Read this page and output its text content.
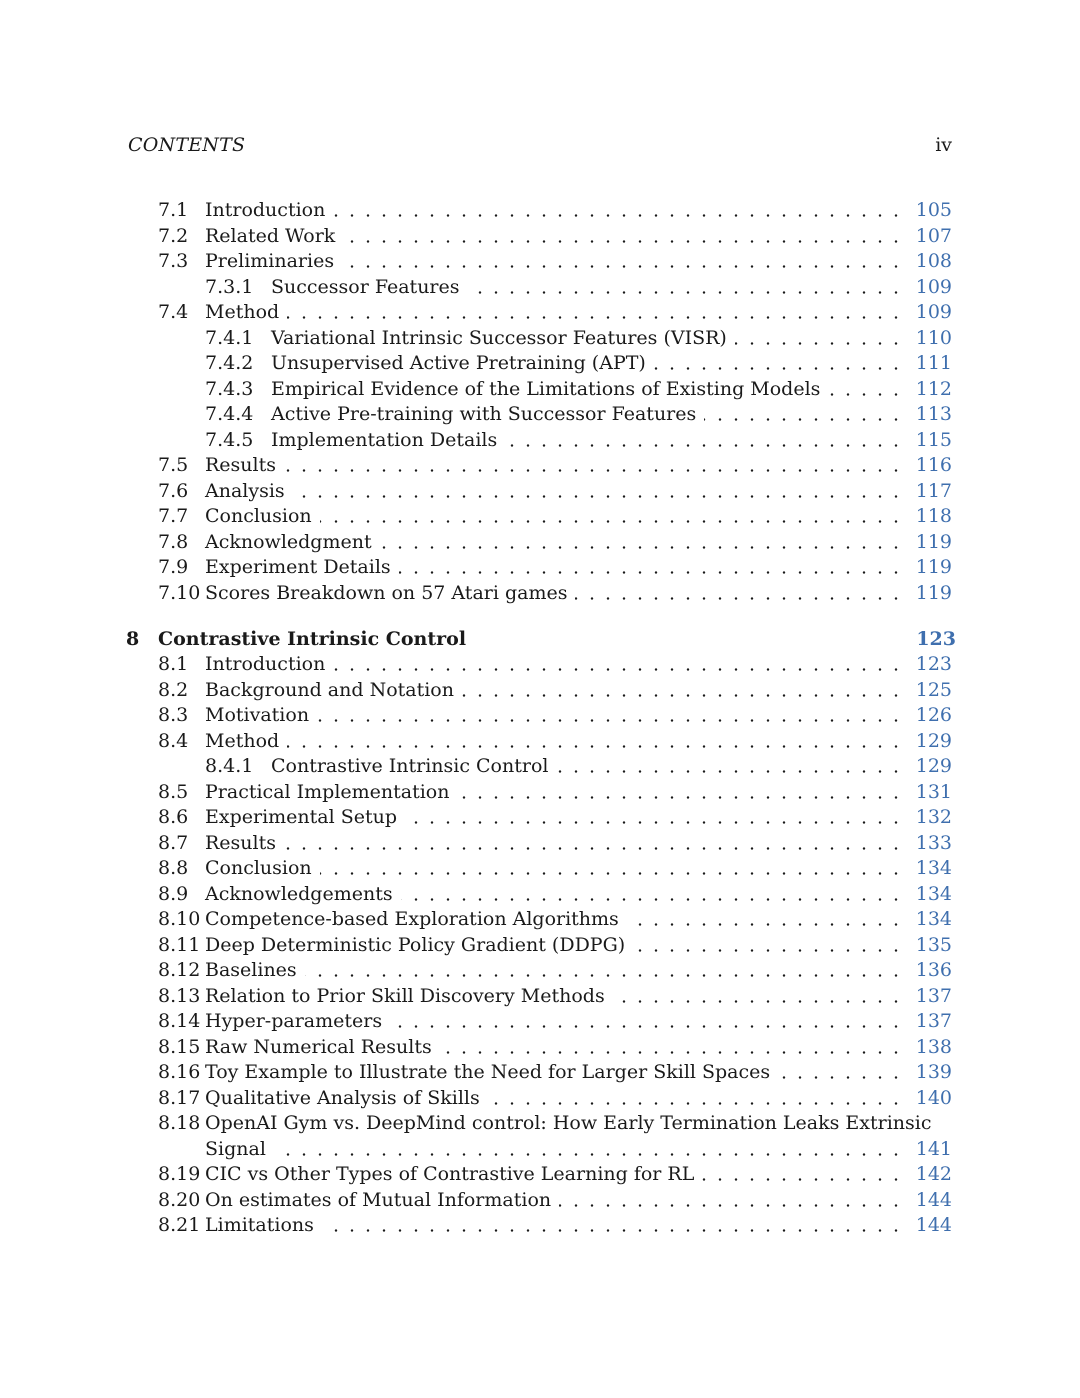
CONTENTS	iv
7.1 Introduction	105
7.2 Related Work	107
7.3 Preliminaries	108
7.3.1 Successor Features	109
7.4 Method	109
7.4.1 Variational Intrinsic Successor Features (VISR)	110
7.4.2 Unsupervised Active Pretraining (APT)	111
7.4.3 Empirical Evidence of the Limitations of Existing Models	112
7.4.4 Active Pre-training with Successor Features	113
7.4.5 Implementation Details	115
7.5 Results	116
7.6 Analysis	117
7.7 Conclusion	118
7.8 Acknowledgment	119
7.9 Experiment Details	119
7.10 Scores Breakdown on 57 Atari games	119
8 Contrastive Intrinsic Control	123
8.1 Introduction	123
8.2 Background and Notation	125
8.3 Motivation	126
8.4 Method	129
8.4.1 Contrastive Intrinsic Control	129
8.5 Practical Implementation	131
8.6 Experimental Setup	132
8.7 Results	133
8.8 Conclusion	134
8.9 Acknowledgements	134
8.10 Competence-based Exploration Algorithms	134
8.11 Deep Deterministic Policy Gradient (DDPG)	135
8.12 Baselines	136
8.13 Relation to Prior Skill Discovery Methods	137
8.14 Hyper-parameters	137
8.15 Raw Numerical Results	138
8.16 Toy Example to Illustrate the Need for Larger Skill Spaces	139
8.17 Qualitative Analysis of Skills	140
8.18 OpenAI Gym vs. DeepMind control: How Early Termination Leaks Extrinsic
Signal	141
8.19 CIC vs Other Types of Contrastive Learning for RL	142
8.20 On estimates of Mutual Information	144
8.21 Limitations	144
